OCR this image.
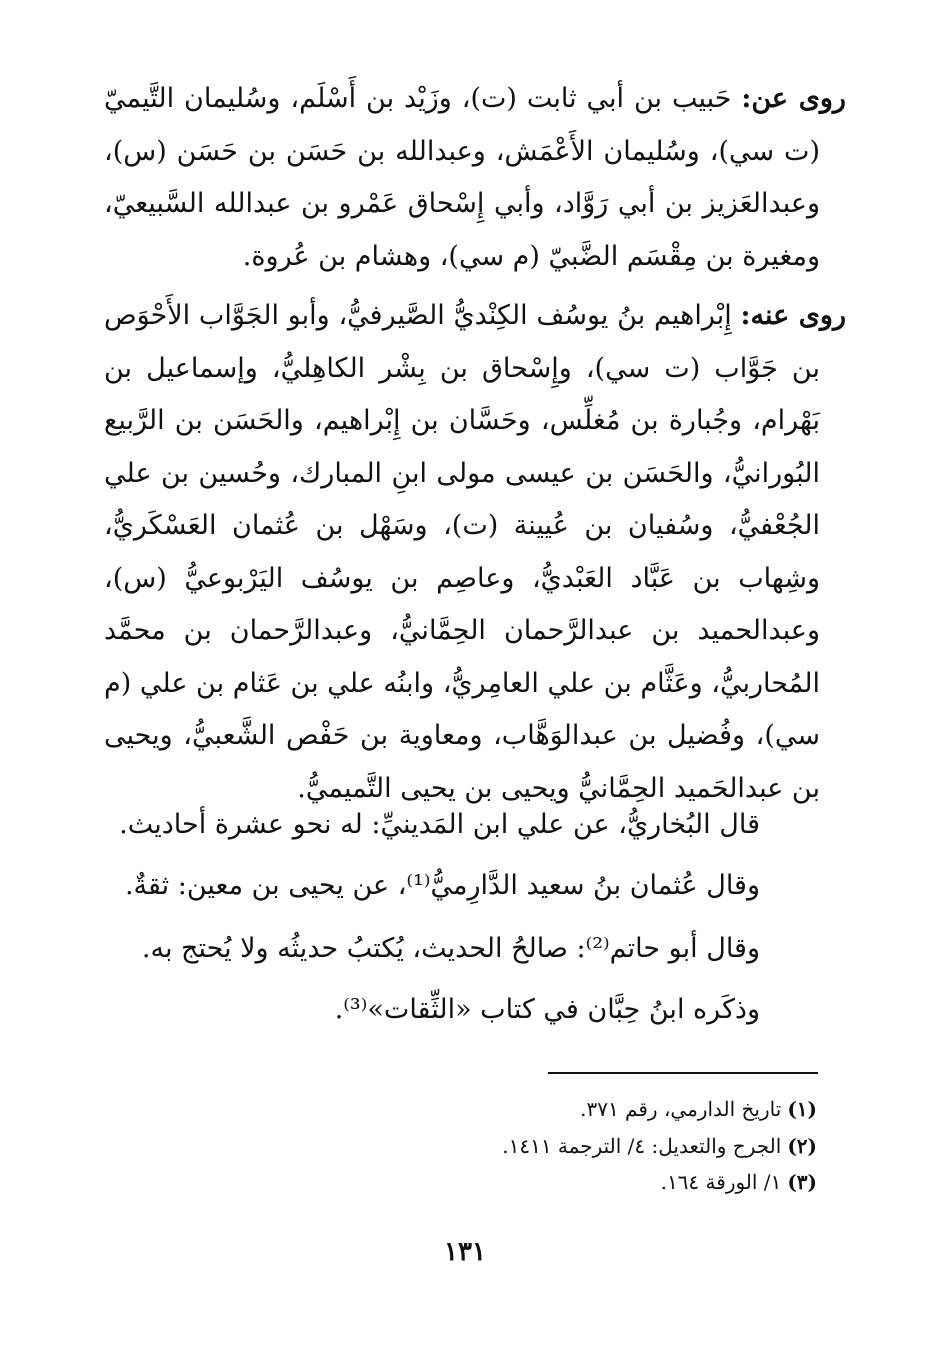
روى عن: حَبيب بن أبي ثابت (ت)، وزَيْد بن أَسْلَم، وسُليمان التَّيميّ (ت سي)، وسُليمان الأَعْمَش، وعبدالله بن حَسَن بن حَسَن (س)، وعبدالعَزيز بن أبي رَوَّاد، وأبي إِسْحاق عَمْرو بن عبدالله السَّبيعيّ، ومغيرة بن مِقْسَم الضَّبيّ (م سي)، وهشام بن عُروة.

روى عنه: إِبْراهيم بنُ يوسُف الكِنْديُّ الصَّيرفيُّ، وأبو الجَوَّاب الأَحْوَص بن جَوَّاب (ت سي)، وإِسْحاق بن بِشْر الكاهِليُّ، وإسماعيل بن بَهْرام، وجُبارة بن مُغلِّس، وحَسَّان بن إِبْراهيم، والحَسَن بن الرَّبيع البُورانيُّ، والحَسَن بن عيسى مولى ابنِ المبارك، وحُسين بن علي الجُعْفيُّ، وسُفيان بن عُيينة (ت)، وسَهْل بن عُثمان العَسْكَريُّ، وشِهاب بن عَبَّاد العَبْديُّ، وعاصِم بن يوسُف اليَرْبوعيُّ (س)، وعبدالحميد بن عبدالرَّحمان الحِمَّانيُّ، وعبدالرَّحمان بن محمَّد المُحاربيُّ، وعَثَّام بن علي العامِريُّ، وابنُه علي بن عَثام بن علي (م سي)، وفُضيل بن عبدالوَهَّاب، ومعاوية بن حَفْص الشَّعبيُّ، ويحيى بن عبدالحَميد الحِمَّانيُّ ويحيى بن يحيى التَّميميُّ.

قال البُخاريُّ، عن علي ابن المَدينيِّ: له نحو عشرة أحاديث.
وقال عُثمان بنُ سعيد الدَّارِميُّ⁽¹⁾، عن يحيى بن معين: ثقةٌ.
وقال أبو حاتم⁽²⁾: صالحُ الحديث، يُكتبُ حديثُه ولا يُحتج به.
وذكَره ابنُ حِبَّان في كتاب «الثِّقات»⁽³⁾.
(١)تاريخ الدارمي، رقم ٣٧١.
(٢)الجرح والتعديل: ٤/ الترجمة ١٤١١.
(٣)١/ الورقة ١٦٤.
١٣١
